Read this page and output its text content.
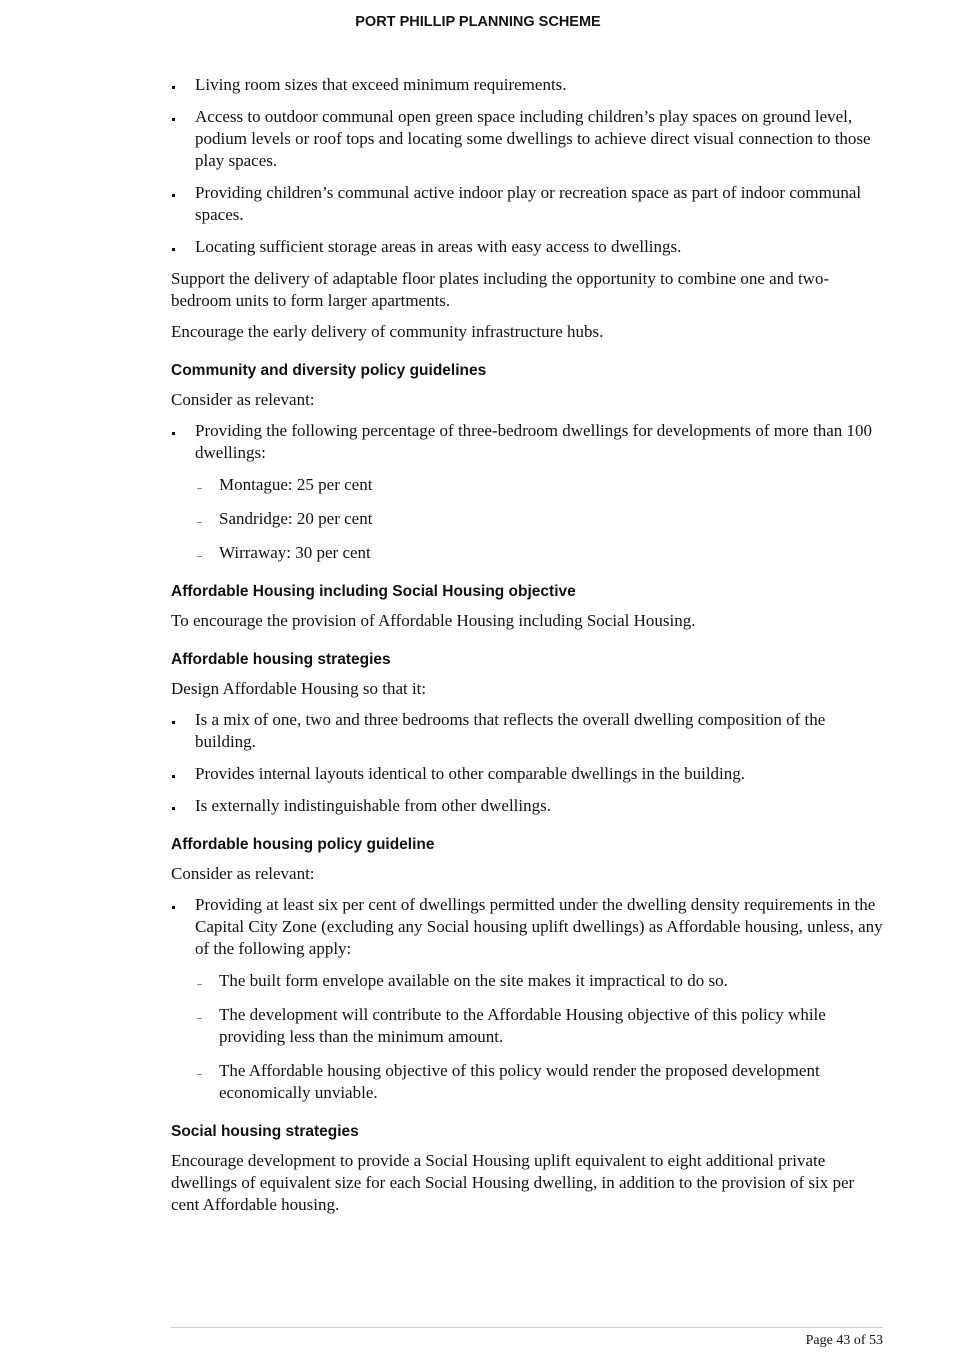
PORT PHILLIP PLANNING SCHEME
Living room sizes that exceed minimum requirements.
Access to outdoor communal open green space including children’s play spaces on ground level, podium levels or roof tops and locating some dwellings to achieve direct visual connection to those play spaces.
Providing children’s communal active indoor play or recreation space as part of indoor communal spaces.
Locating sufficient storage areas in areas with easy access to dwellings.

Support the delivery of adaptable floor plates including the opportunity to combine one and two-bedroom units to form larger apartments.

Encourage the early delivery of community infrastructure hubs.

Community and diversity policy guidelines

Consider as relevant:

Providing the following percentage of three-bedroom dwellings for developments of more than 100 dwellings:
Montague: 25 per cent
Sandridge: 20 per cent
Wirraway: 30 per cent
Affordable Housing including Social Housing objective

To encourage the provision of Affordable Housing including Social Housing.

Affordable housing strategies

Design Affordable Housing so that it:

Is a mix of one, two and three bedrooms that reflects the overall dwelling composition of the building.
Provides internal layouts identical to other comparable dwellings in the building.
Is externally indistinguishable from other dwellings.
Affordable housing policy guideline

Consider as relevant:

Providing at least six per cent of dwellings permitted under the dwelling density requirements in the Capital City Zone (excluding any Social housing uplift dwellings) as Affordable housing, unless, any of the following apply:
The built form envelope available on the site makes it impractical to do so.
The development will contribute to the Affordable Housing objective of this policy while providing less than the minimum amount.
The Affordable housing objective of this policy would render the proposed development economically unviable.
Social housing strategies

Encourage development to provide a Social Housing uplift equivalent to eight additional private dwellings of equivalent size for each Social Housing dwelling, in addition to the provision of six per cent Affordable housing.

Page 43 of 53
